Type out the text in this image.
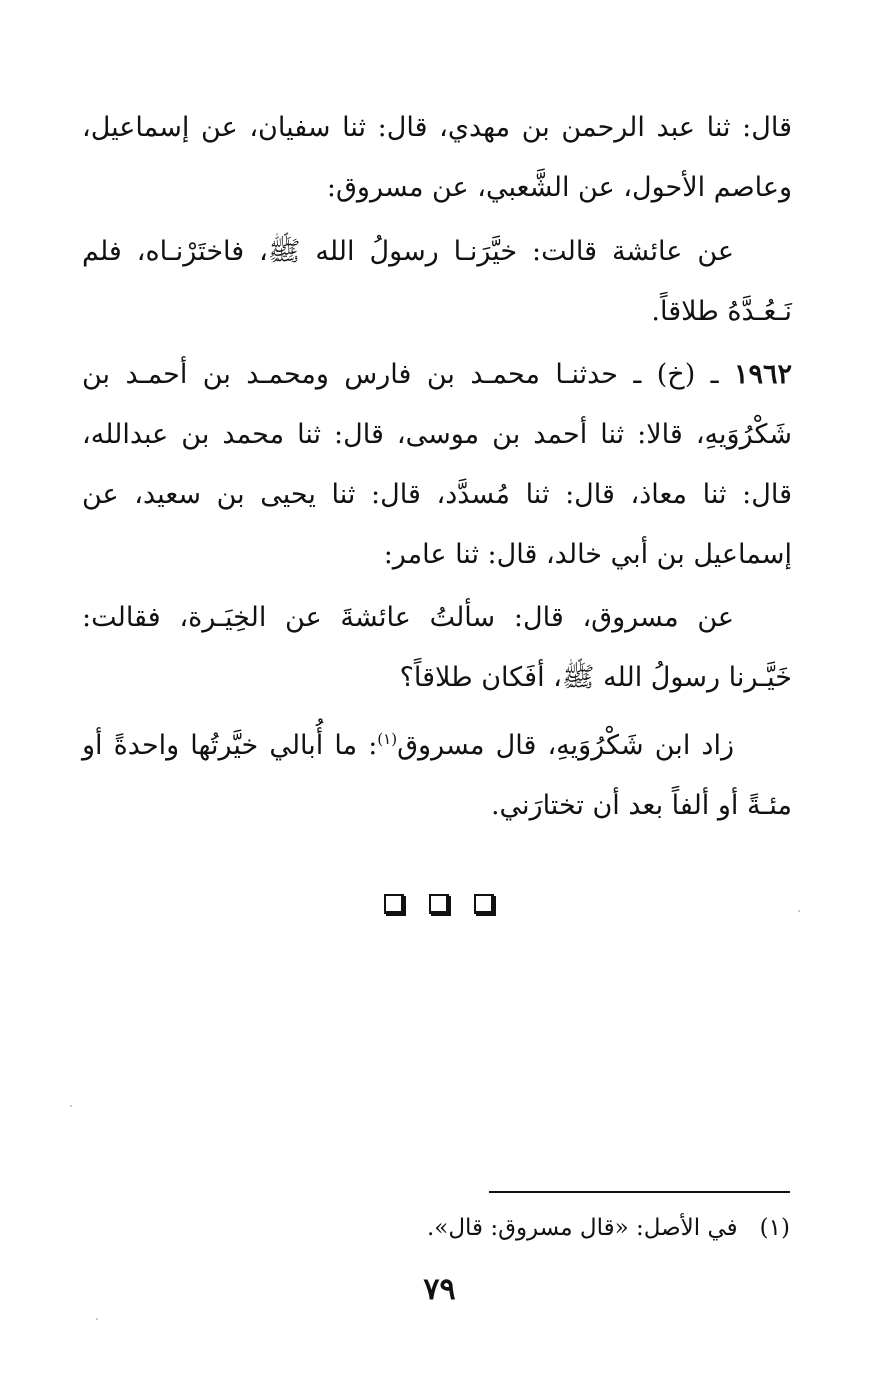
قال: ثنا عبد الرحمن بن مهدي، قال: ثنا سفيان، عن إسماعيل، وعاصم الأحول، عن الشَّعبي، عن مسروق:

عن عائشة قالت: خيَّرَنـا رسولُ الله ﷺ، فاختَرْنـاه، فلم نَـعُـدَّهُ طلاقاً.

١٩٦٢ ـ (خ) ـ حدثنـا محمـد بن فارس ومحمـد بن أحمـد بن شَكْرُوَيهِ، قالا: ثنا أحمد بن موسى، قال: ثنا محمد بن عبدالله، قال: ثنا معاذ، قال: ثنا مُسدَّد، قال: ثنا يحيى بن سعيد، عن إسماعيل بن أبي خالد، قال: ثنا عامر:

عن مسروق، قال: سألتُ عائشةَ عن الخِيَـرة، فقالت: خَيَّـرنا رسولُ الله ﷺ، أفَكان طلاقاً؟

زاد ابن شَكْرُوَيهِ، قال مسروق$^{(١)}$: ما أُبالي خيَّرتُها واحدةً أو مئـةً أو ألفاً بعد أن تختارَني.

(١)في الأصل: «قال مسروق: قال».

٧٩
